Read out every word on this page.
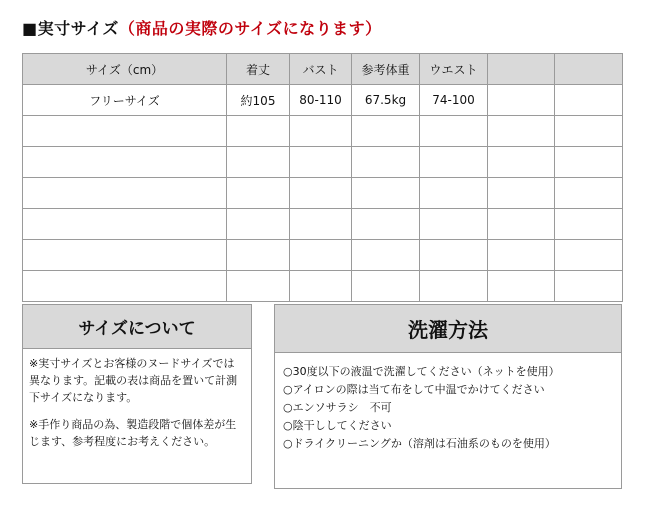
■実寸サイズ（商品の実際のサイズになります）
サイズ（cm）	着丈	バスト	参考体重	ウエスト		
フリーサイズ	約105	80-110	67.5kg	74-100		

サイズについて
※実寸サイズとお客様のヌードサイズでは異なります。記載の表は商品を置いて計測下サイズになります。
※手作り商品の為、製造段階で個体差が生じます、参考程度にお考えください。
洗濯方法
○30度以下の液温で洗濯してください（ネットを使用）
○アイロンの際は当て布をして中温でかけてください
○エンソサラシ　不可
○陰干ししてください
○ドライクリーニングか（溶剤は石油系のものを使用）
